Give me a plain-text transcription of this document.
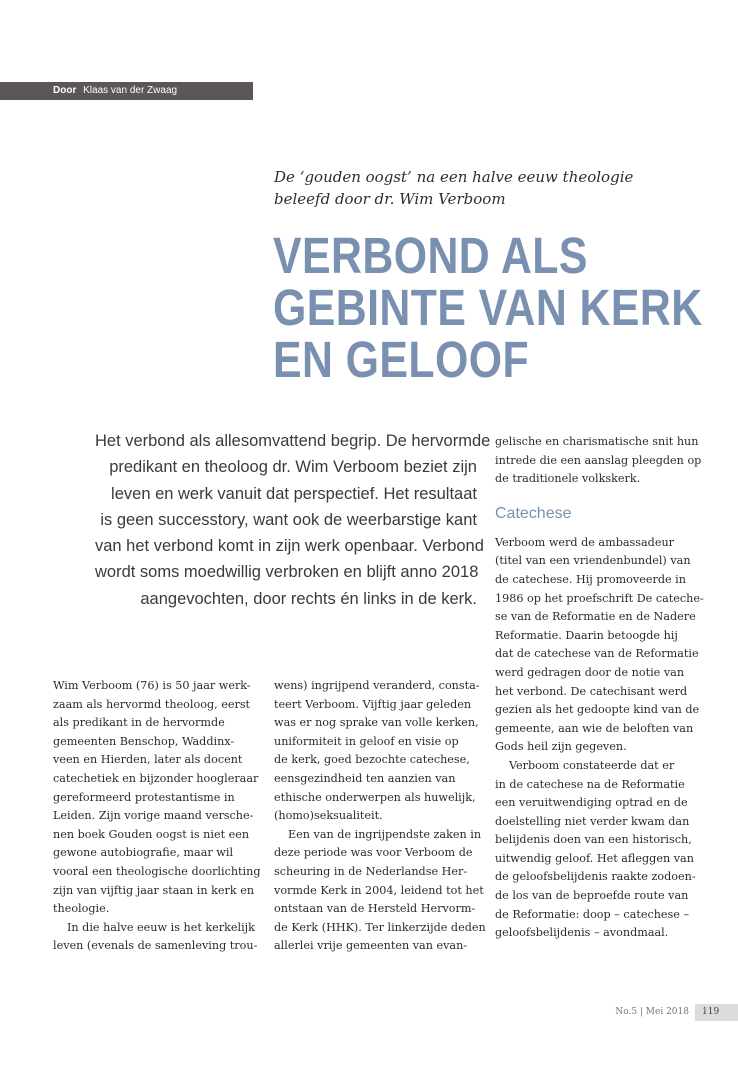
Door Klaas van der Zwaag
De ‘gouden oogst’ na een halve eeuw theologie
beleefd door dr. Wim Verboom
VERBOND ALS
GEBINTE VAN KERK
EN GELOOF
Het verbond als allesomvattend begrip. De hervormde
predikant en theoloog dr. Wim Verboom beziet zijn
leven en werk vanuit dat perspectief. Het resultaat
is geen successtory, want ook de weerbarstige kant
van het verbond komt in zijn werk openbaar. Verbond
wordt soms moedwillig verbroken en blijft anno 2018
aangevochten, door rechts én links in de kerk.
Wim Verboom (76) is 50 jaar werk-
zaam als hervormd theoloog, eerst
als predikant in de hervormde
gemeenten Benschop, Waddinx-
veen en Hierden, later als docent
catechetiek en bijzonder hoogleraar
gereformeerd protestantisme in
Leiden. Zijn vorige maand versche-
nen boek Gouden oogst is niet een
gewone autobiografie, maar wil
vooral een theologische doorlichting
zijn van vijftig jaar staan in kerk en
theologie.
In die halve eeuw is het kerkelijk
leven (evenals de samenleving trou-
wens) ingrijpend veranderd, consta-
teert Verboom. Vijftig jaar geleden
was er nog sprake van volle kerken,
uniformiteit in geloof en visie op
de kerk, goed bezochte catechese,
eensgezindheid ten aanzien van
ethische onderwerpen als huwelijk,
(homo)seksualiteit.
Een van de ingrijpendste zaken in
deze periode was voor Verboom de
scheuring in de Nederlandse Her-
vormde Kerk in 2004, leidend tot het
ontstaan van de Hersteld Hervorm-
de Kerk (HHK). Ter linkerzijde deden
allerlei vrije gemeenten van evan-
gelische en charismatische snit hun
intrede die een aanslag pleegden op
de traditionele volkskerk.
Catechese
Verboom werd de ambassadeur
(titel van een vriendenbundel) van
de catechese. Hij promoveerde in
1986 op het proefschrift De cateche-
se van de Reformatie en de Nadere
Reformatie. Daarin betoogde hij
dat de catechese van de Reformatie
werd gedragen door de notie van
het verbond. De catechisant werd
gezien als het gedoopte kind van de
gemeente, aan wie de beloften van
Gods heil zijn gegeven.
Verboom constateerde dat er
in de catechese na de Reformatie
een veruitwendiging optrad en de
doelstelling niet verder kwam dan
belijdenis doen van een historisch,
uitwendig geloof. Het afleggen van
de geloofsbelijdenis raakte zodoen-
de los van de beproefde route van
de Reformatie: doop – catechese –
geloofsbelijdenis – avondmaal.
No.5 | Mei 2018	119
